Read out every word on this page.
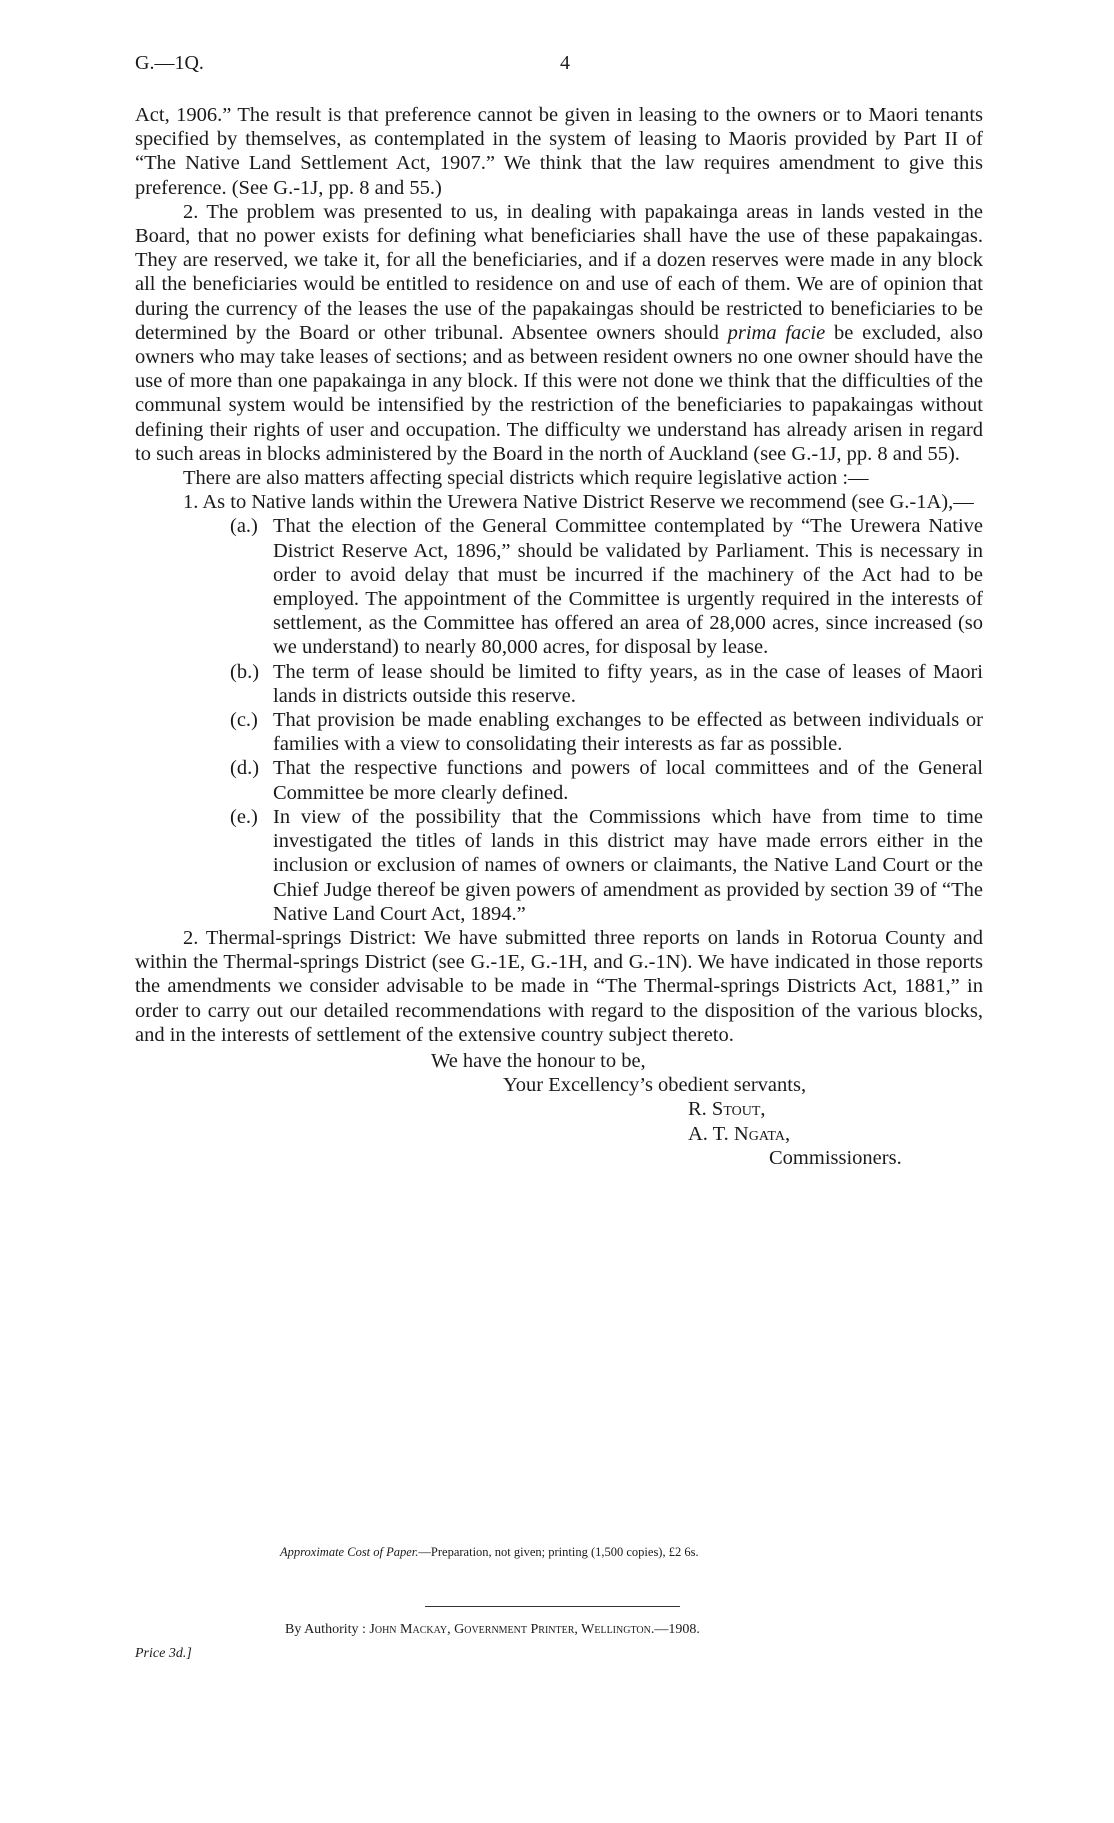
G.—1Q.	4

Act, 1906.” The result is that preference cannot be given in leasing to the owners or to Maori tenants specified by themselves, as contemplated in the system of leasing to Maoris provided by Part II of “The Native Land Settlement Act, 1907.” We think that the law requires amendment to give this preference. (See G.-1J, pp. 8 and 55.)

2. The problem was presented to us, in dealing with papakainga areas in lands vested in the Board, that no power exists for defining what beneficiaries shall have the use of these papakaingas. They are reserved, we take it, for all the beneficiaries, and if a dozen reserves were made in any block all the beneficiaries would be entitled to residence on and use of each of them. We are of opinion that during the currency of the leases the use of the papakaingas should be restricted to beneficiaries to be determined by the Board or other tribunal. Absentee owners should prima facie be excluded, also owners who may take leases of sections; and as between resident owners no one owner should have the use of more than one papakainga in any block. If this were not done we think that the difficulties of the communal system would be intensified by the restriction of the beneficiaries to papakaingas without defining their rights of user and occupation. The difficulty we understand has already arisen in regard to such areas in blocks administered by the Board in the north of Auckland (see G.-1J, pp. 8 and 55).

There are also matters affecting special districts which require legislative action :—

1. As to Native lands within the Urewera Native District Reserve we recommend (see G.-1A),—

(a.) That the election of the General Committee contemplated by “The Urewera Native District Reserve Act, 1896,” should be validated by Parliament. This is necessary in order to avoid delay that must be incurred if the machinery of the Act had to be employed. The appointment of the Committee is urgently required in the interests of settlement, as the Committee has offered an area of 28,000 acres, since increased (so we understand) to nearly 80,000 acres, for disposal by lease.
(b.) The term of lease should be limited to fifty years, as in the case of leases of Maori lands in districts outside this reserve.
(c.) That provision be made enabling exchanges to be effected as between individuals or families with a view to consolidating their interests as far as possible.
(d.) That the respective functions and powers of local committees and of the General Committee be more clearly defined.
(e.) In view of the possibility that the Commissions which have from time to time investigated the titles of lands in this district may have made errors either in the inclusion or exclusion of names of owners or claimants, the Native Land Court or the Chief Judge thereof be given powers of amendment as provided by section 39 of “The Native Land Court Act, 1894.”

2. Thermal-springs District: We have submitted three reports on lands in Rotorua County and within the Thermal-springs District (see G.-1E, G.-1H, and G.-1N). We have indicated in those reports the amendments we consider advisable to be made in “The Thermal-springs Districts Act, 1881,” in order to carry out our detailed recommendations with regard to the disposition of the various blocks, and in the interests of settlement of the extensive country subject thereto.

We have the honour to be,
Your Excellency’s obedient servants,
R. Stout,
A. T. Ngata,
Commissioners.
Approximate Cost of Paper.—Preparation, not given; printing (1,500 copies), £2 6s.
By Authority : John Mackay, Government Printer, Wellington.—1908.
Price 3d.]
